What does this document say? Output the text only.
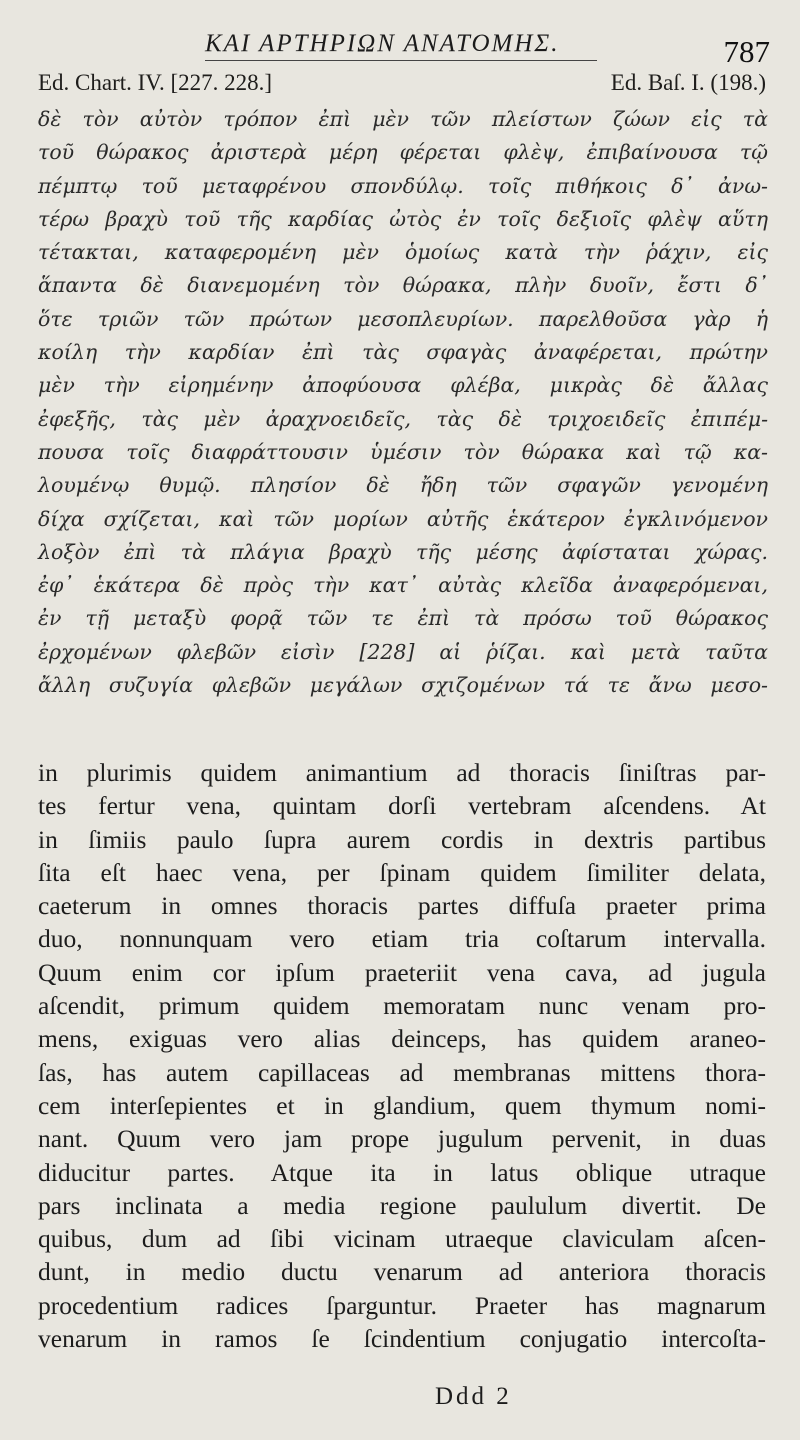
ΚΑΙ ΑΡΤΗΡΙΩΝ ΑΝΑΤΟΜΗΣ.	787
Ed. Chart. IV. [227. 228.]	Ed. Baſ. I. (198.)
δὲ τὸν αὐτὸν τρόπον ἐπὶ μὲν τῶν πλείστων ζώων εἰς τὰ
τοῦ θώρακος ἀριστερὰ μέρη φέρεται φλὲψ, ἐπιβαίνουσα τῷ
πέμπτῳ τοῦ μεταφρένου σπονδύλῳ. τοῖς πιθήκοις δ᾽ ἀνω-
τέρω βραχὺ τοῦ τῆς καρδίας ὠτὸς ἐν τοῖς δεξιοῖς φλὲψ αὕτη
τέτακται, καταφερομένη μὲν ὁμοίως κατὰ τὴν ῥάχιν, εἰς
ἅπαντα δὲ διανεμομένη τὸν θώρακα, πλὴν δυοῖν, ἔστι δ᾽
ὅτε τριῶν τῶν πρώτων μεσοπλευρίων. παρελθοῦσα γὰρ ἡ
κοίλη τὴν καρδίαν ἐπὶ τὰς σφαγὰς ἀναφέρεται, πρώτην
μὲν τὴν εἰρημένην ἀποφύουσα φλέβα, μικρὰς δὲ ἄλλας
ἐφεξῆς, τὰς μὲν ἀραχνοειδεῖς, τὰς δὲ τριχοειδεῖς ἐπιπέμ-
πουσα τοῖς διαφράττουσιν ὑμέσιν τὸν θώρακα καὶ τῷ κα-
λουμένῳ θυμῷ. πλησίον δὲ ἤδη τῶν σφαγῶν γενομένη
δίχα σχίζεται, καὶ τῶν μορίων αὐτῆς ἑκάτερον ἐγκλινόμενον
λοξὸν ἐπὶ τὰ πλάγια βραχὺ τῆς μέσης ἀφίσταται χώρας.
ἐφ᾽ ἑκάτερα δὲ πρὸς τὴν κατ᾽ αὐτὰς κλεῖδα ἀναφερόμεναι,
ἐν τῇ μεταξὺ φορᾷ τῶν τε ἐπὶ τὰ πρόσω τοῦ θώρακος
ἐρχομένων φλεβῶν εἰσὶν [228] αἱ ῥίζαι. καὶ μετὰ ταῦτα
ἄλλη συζυγία φλεβῶν μεγάλων σχιζομένων τά τε ἄνω μεσο-
in plurimis quidem animantium ad thoracis ſiniſtras par-
tes fertur vena, quintam dorſi vertebram aſcendens. At
in ſimiis paulo ſupra aurem cordis in dextris partibus
ſita eſt haec vena, per ſpinam quidem ſimiliter delata,
caeterum in omnes thoracis partes diffuſa praeter prima
duo, nonnunquam vero etiam tria coſtarum intervalla.
Quum enim cor ipſum praeteriit vena cava, ad jugula
aſcendit, primum quidem memoratam nunc venam pro-
mens, exiguas vero alias deinceps, has quidem araneo-
ſas, has autem capillaceas ad membranas mittens thora-
cem interſepientes et in glandium, quem thymum nomi-
nant. Quum vero jam prope jugulum pervenit, in duas
diducitur partes. Atque ita in latus oblique utraque
pars inclinata a media regione paululum divertit. De
quibus, dum ad ſibi vicinam utraeque claviculam aſcen-
dunt, in medio ductu venarum ad anteriora thoracis
procedentium radices ſparguntur. Praeter has magnarum
venarum in ramos ſe ſcindentium conjugatio intercoſta-
Ddd 2
